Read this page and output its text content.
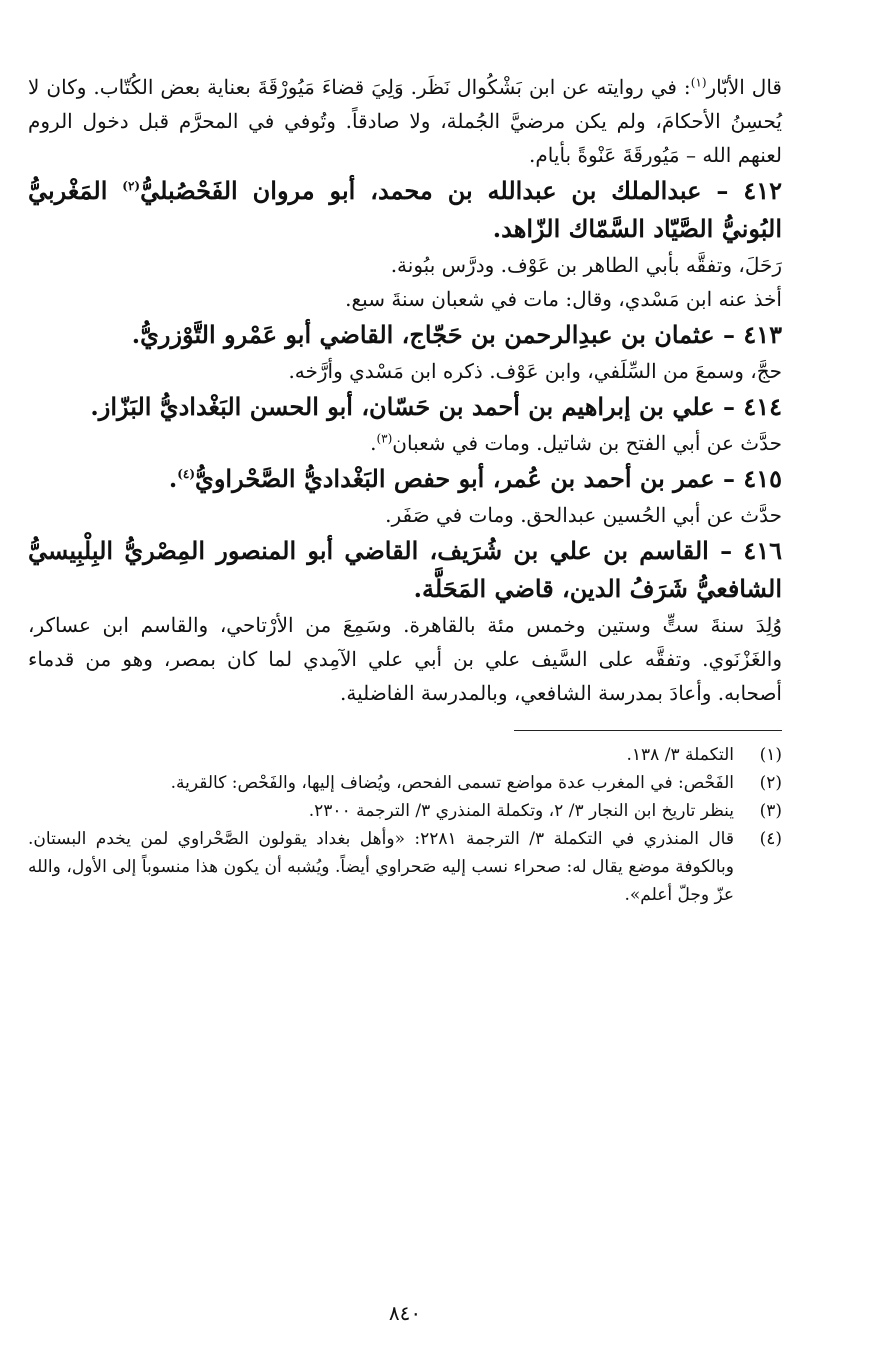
قال الأبّار$^{(١)}$: في روايته عن ابن بَشْكُوال نَظَر. وَلِيَ قضاءَ مَيُورْقَةَ بعناية بعض الكُتّاب. وكان لا يُحسِنُ الأحكامَ، ولم يكن مرضيَّ الجُملة، ولا صادقاً. وتُوفي في المحرَّم قبل دخول الروم لعنهم الله – مَيُورقَةَ عَنْوةً بأيام.

٤١٢ – عبدالملك بن عبدالله بن محمد، أبو مروان الفَحْصُبليُّ$^{(٢)}$ المَغْربيُّ البُونيُّ الصَّيّاد السَّمّاك الزّاهد.

رَحَلَ، وتفقَّه بأبي الطاهر بن عَوْف. ودرَّس ببُونة.

أخذ عنه ابن مَسْدي، وقال: مات في شعبان سنةَ سبع.

٤١٣ – عثمان بن عبدِالرحمن بن حَجّاج، القاضي أبو عَمْرو التَّوْزريُّ.

حجَّ، وسمعَ من السِّلَفي، وابن عَوْف. ذكره ابن مَسْدي وأرَّخه.

٤١٤ – علي بن إبراهيم بن أحمد بن حَسّان، أبو الحسن البَغْداديُّ البَزّاز.

حدَّث عن أبي الفتح بن شاتيل. ومات في شعبان$^{(٣)}$.

٤١٥ – عمر بن أحمد بن عُمر، أبو حفص البَغْداديُّ الصَّحْراويُّ$^{(٤)}$.

حدَّث عن أبي الحُسين عبدالحق. ومات في صَفَر.

٤١٦ – القاسم بن علي بن شُرَيف، القاضي أبو المنصور المِصْريُّ البِلْبِيسيُّ الشافعيُّ شَرَفُ الدين، قاضي المَحَلَّة.

وُلِدَ سنةَ ستٍّ وستين وخمس مئة بالقاهرة. وسَمِعَ من الأرْتاحي، والقاسم ابن عساكر، والغَزْنَوي. وتفقَّه على السَّيف علي بن أبي علي الآمِدي لما كان بمصر، وهو من قدماء أصحابه. وأعادَ بمدرسة الشافعي، وبالمدرسة الفاضلية.

(١)
التكملة ٣/ ١٣٨.
(٢)
الفَحْص: في المغرب عدة مواضع تسمى الفحص، ويُضاف إليها، والفَحْص: كالقرية.
(٣)
ينظر تاريخ ابن النجار ٣/ ٢، وتكملة المنذري ٣/ الترجمة ٢٣٠٠.
(٤)
قال المنذري في التكملة ٣/ الترجمة ٢٢٨١: «وأهل بغداد يقولون الصَّحْراوي لمن يخدم البستان. وبالكوفة موضع يقال له: صحراء نسب إليه صَحراوي أيضاً. ويُشبه أن يكون هذا منسوباً إلى الأول، والله عزّ وجلّ أعلم».
٨٤٠
